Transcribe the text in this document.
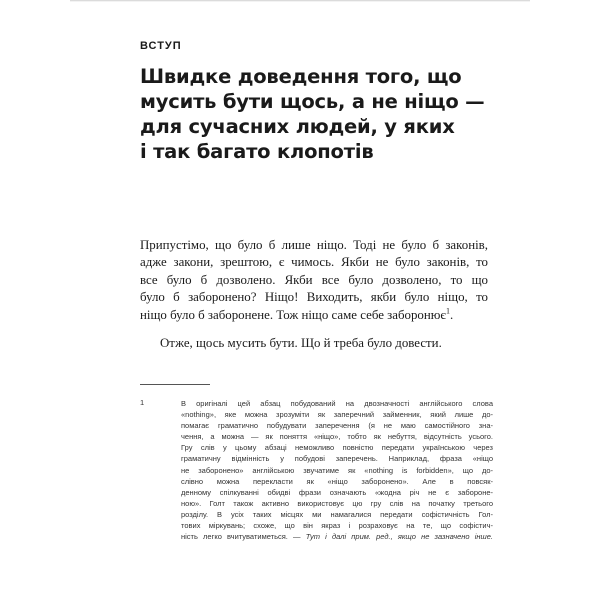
ВСТУП
Швидке доведення того, що
мусить бути щось, а не ніщо —
для сучасних людей, у яких
і так багато клопотів

Припустімо, що було б лише ніщо. Тоді не було б законів,
адже закони, зрештою, є чимось. Якби не було законів, то
все було б дозволено. Якби все було дозволено, то що
було б заборонено? Ніщо! Виходить, якби було ніщо, то
ніщо було б заборонене. Тож ніщо саме себе заборонює$^1$.

Отже, щось мусить бути. Що й треба було довести.

1	В оригіналі цей абзац побудований на двозначності англійського слова
«nothing», яке можна зрозуміти як заперечний займенник, який лише до-
помагає граматично побудувати заперечення (я не маю самостійного зна-
чення, а можна — як поняття «ніщо», тобто як небуття, відсутність усього.
Гру слів у цьому абзаці неможливо повністю передати українською через
граматичну відмінність у побудові заперечень. Наприклад, фраза «ніщо
не заборонено» англійською звучатиме як «nothing is forbidden», що до-
слівно можна перекласти як «ніщо заборонено». Але в повсяк-
денному спілкуванні обидві фрази означають «жодна річ не є заборонe-
ною». Голт також активно використовує цю гру слів на початку третього
розділу. В усіх таких місцях ми намагалися передати софістичність Гол-
тових міркувань; схоже, що він якраз і розраховує на те, що софістич-
ність легко вчитуватиметься. — Тут і далі прим. ред., якщо не зазначено інше.
